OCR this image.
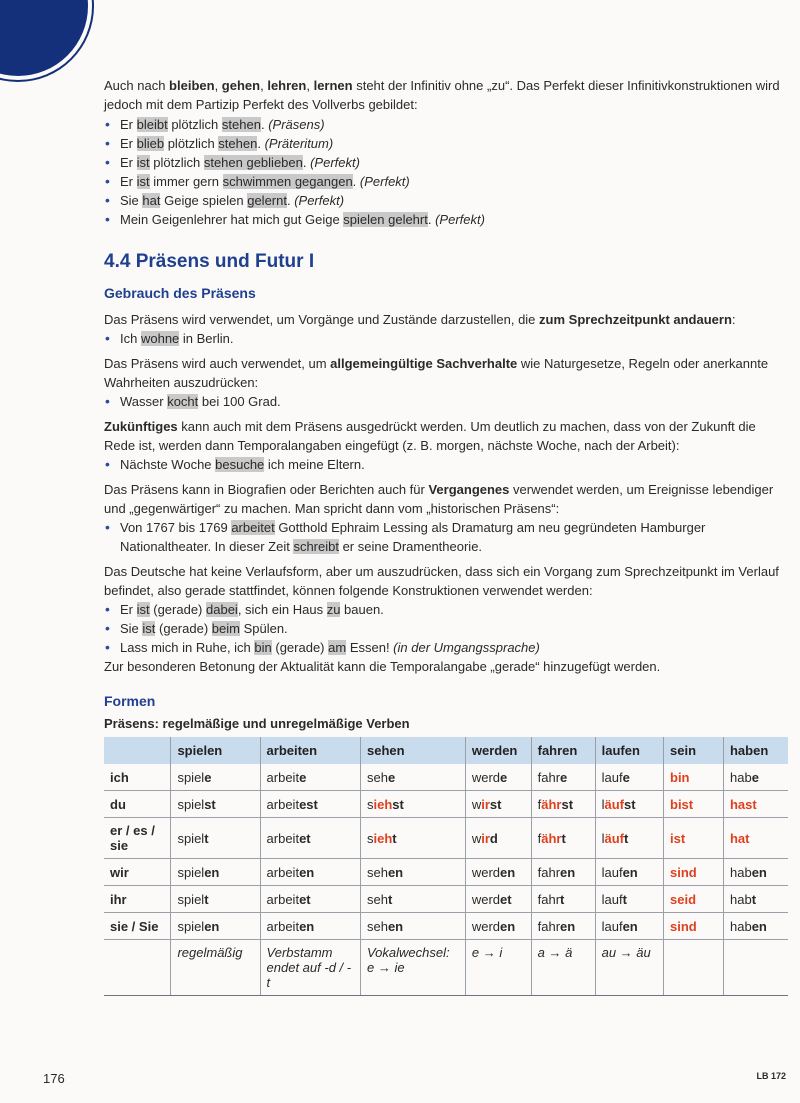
Auch nach bleiben, gehen, lehren, lernen steht der Infinitiv ohne „zu“. Das Perfekt dieser Infinitivkonstruktionen wird jedoch mit dem Partizip Perfekt des Vollverbs gebildet:

• Er bleibt plötzlich stehen. (Präsens)
• Er blieb plötzlich stehen. (Präteritum)
• Er ist plötzlich stehen geblieben. (Perfekt)
• Er ist immer gern schwimmen gegangen. (Perfekt)
• Sie hat Geige spielen gelernt. (Perfekt)
• Mein Geigenlehrer hat mich gut Geige spielen gelehrt. (Perfekt)
4.4 Präsens und Futur I
Gebrauch des Präsens

Das Präsens wird verwendet, um Vorgänge und Zustände darzustellen, die zum Sprechzeitpunkt andauern:

• Ich wohne in Berlin.

Das Präsens wird auch verwendet, um allgemeingültige Sachverhalte wie Naturgesetze, Regeln oder anerkannte Wahrheiten auszudrücken:

• Wasser kocht bei 100 Grad.

Zukünftiges kann auch mit dem Präsens ausgedrückt werden. Um deutlich zu machen, dass von der Zukunft die Rede ist, werden dann Temporalangaben eingefügt (z. B. morgen, nächste Woche, nach der Arbeit):

• Nächste Woche besuche ich meine Eltern.

Das Präsens kann in Biografien oder Berichten auch für Vergangenes verwendet werden, um Ereignisse lebendiger und „gegenwärtiger“ zu machen. Man spricht dann vom „historischen Präsens“:

• Von 1767 bis 1769 arbeitet Gotthold Ephraim Lessing als Dramaturg am neu gegründeten Hamburger Nationaltheater. In dieser Zeit schreibt er seine Dramentheorie.

Das Deutsche hat keine Verlaufsform, aber um auszudrücken, dass sich ein Vorgang zum Sprechzeitpunkt im Verlauf befindet, also gerade stattfindet, können folgende Konstruktionen verwendet werden:

• Er ist (gerade) dabei, sich ein Haus zu bauen.
• Sie ist (gerade) beim Spülen.
• Lass mich in Ruhe, ich bin (gerade) am Essen! (in der Umgangssprache)

Zur besonderen Betonung der Aktualität kann die Temporalangabe „gerade“ hinzugefügt werden.

Formen
Präsens: regelmäßige und unregelmäßige Verben
	spielen	arbeiten	sehen	werden	fahren	laufen	sein	haben
ich	spiele	arbeite	sehe	werde	fahre	laufe	bin	habe
du	spielst	arbeitest	siehst	wirst	fährst	läufst	bist	hast
er / es / sie	spielt	arbeitet	sieht	wird	fährt	läuft	ist	hat
wir	spielen	arbeiten	sehen	werden	fahren	laufen	sind	haben
ihr	spielt	arbeitet	seht	werdet	fahrt	lauft	seid	habt
sie / Sie	spielen	arbeiten	sehen	werden	fahren	laufen	sind	haben
	regelmäßig	Verbstamm endet auf -d / -t	Vokalwechsel: e → ie	e → i	a → ä	au → äu		
176	LB 172
